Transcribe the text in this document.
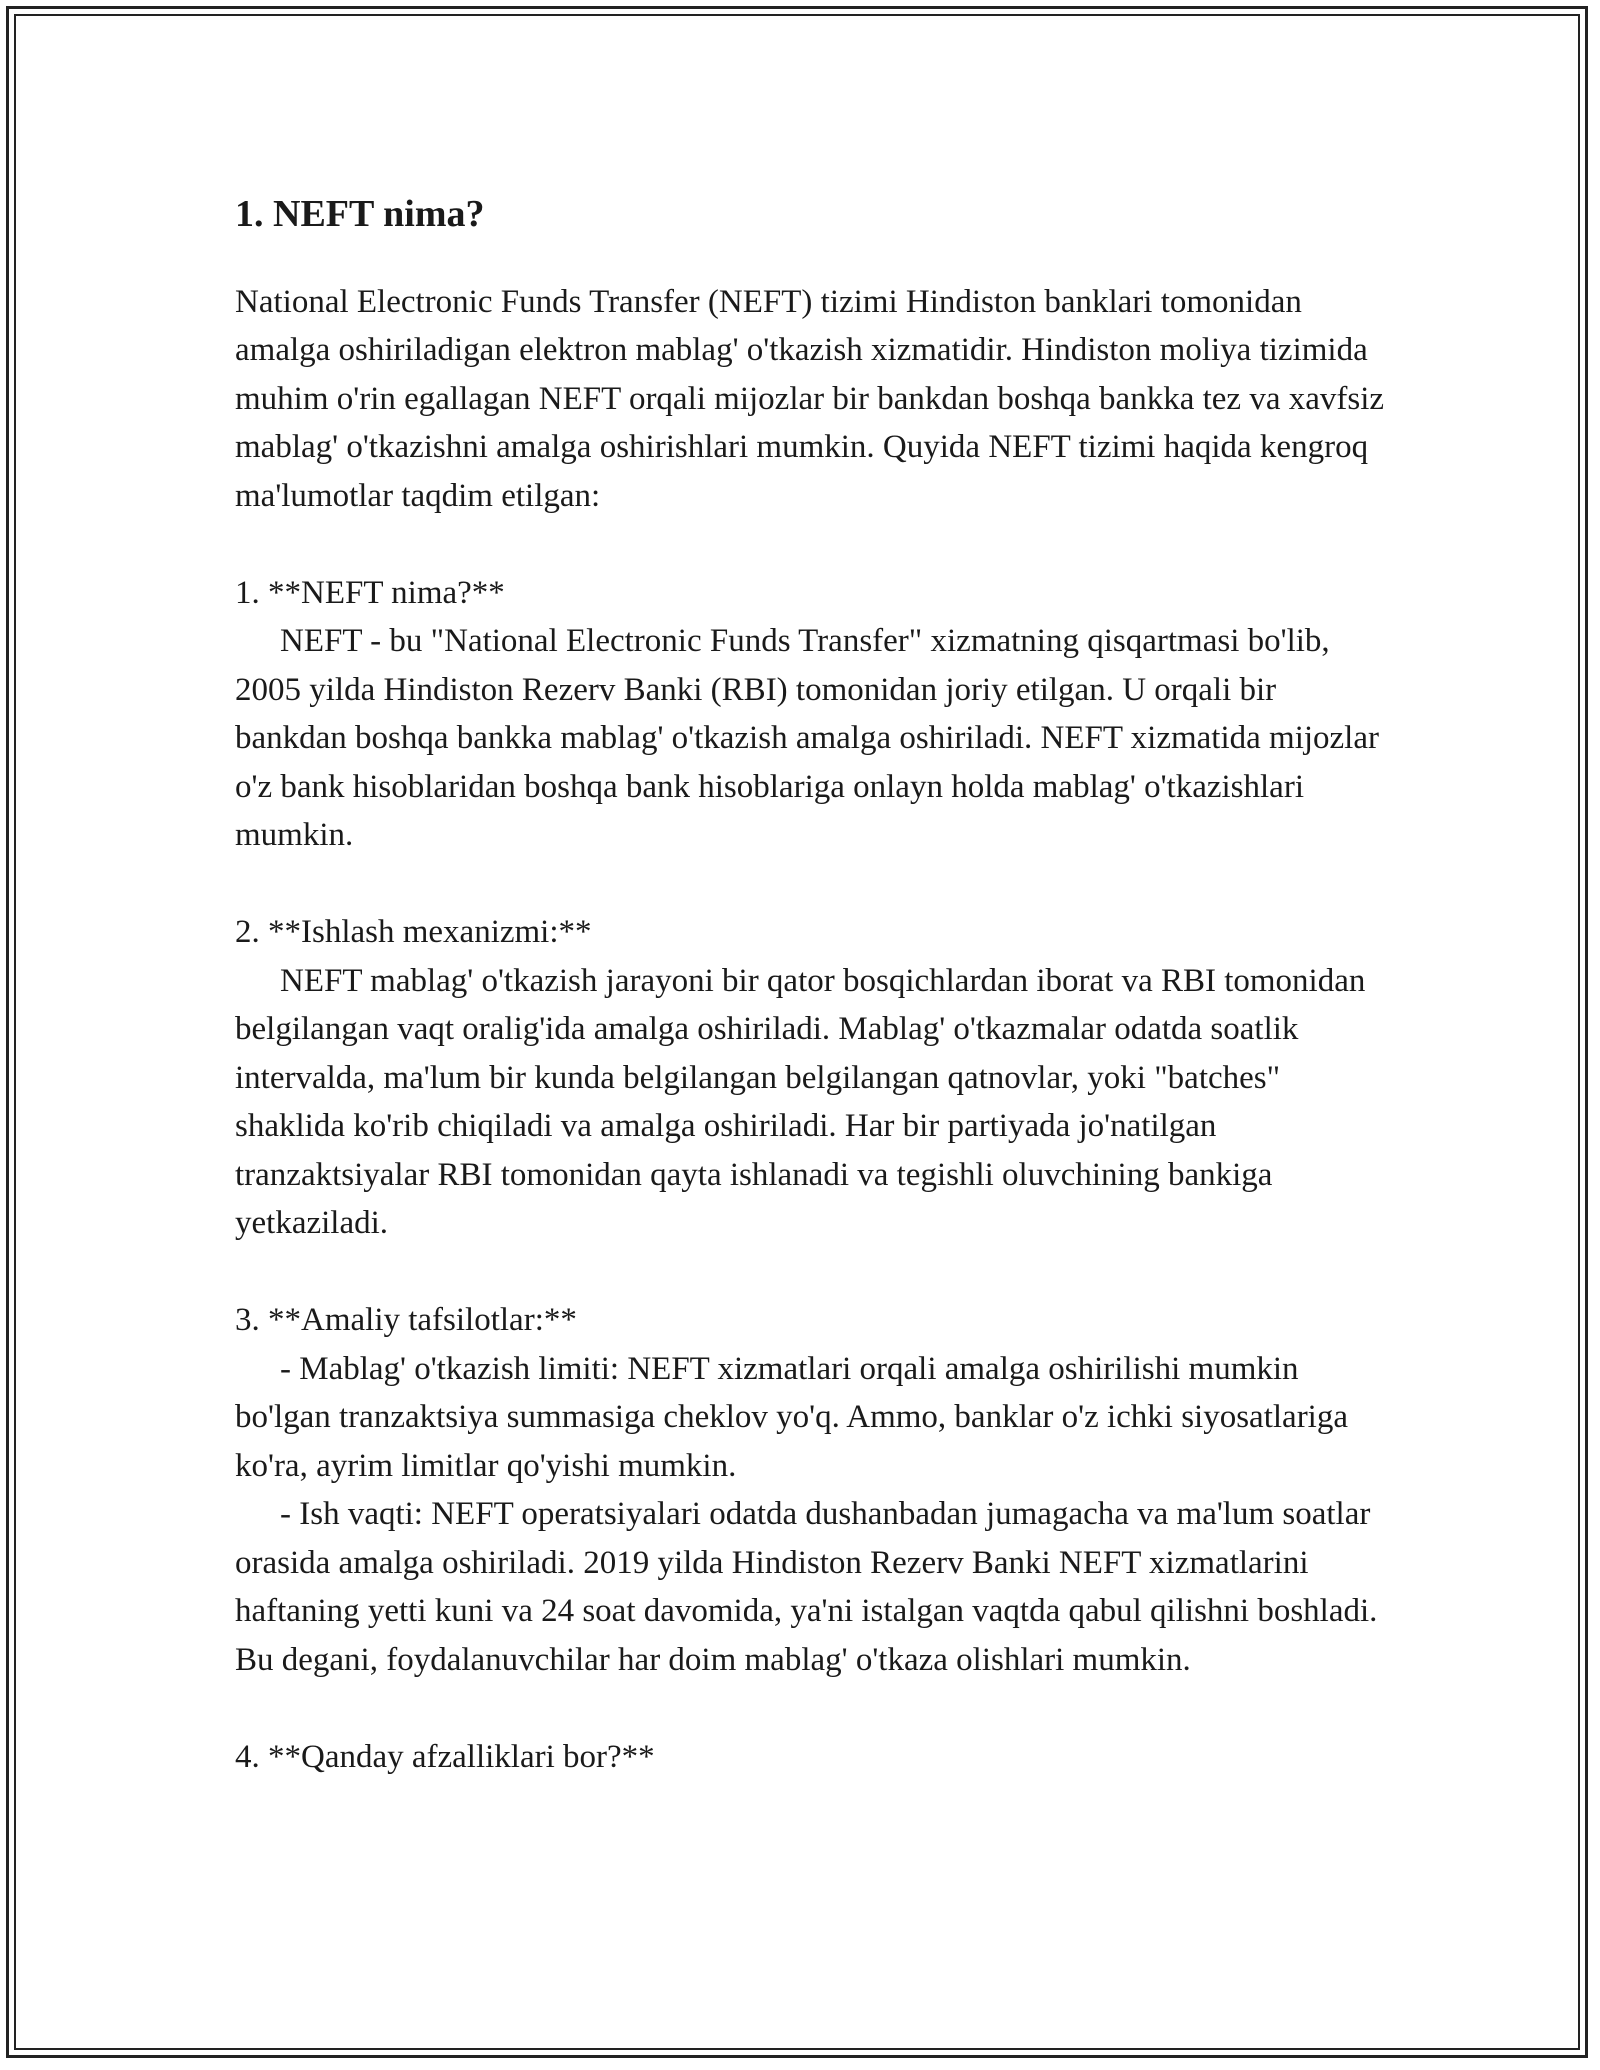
1. NEFT nima?

National Electronic Funds Transfer (NEFT) tizimi Hindiston banklari tomonidan amalga oshiriladigan elektron mablag' o'tkazish xizmatidir. Hindiston moliya tizimida muhim o'rin egallagan NEFT orqali mijozlar bir bankdan boshqa bankka tez va xavfsiz mablag' o'tkazishni amalga oshirishlari mumkin. Quyida NEFT tizimi haqida kengroq ma'lumotlar taqdim etilgan:

1. **NEFT nima?**

NEFT - bu "National Electronic Funds Transfer" xizmatning qisqartmasi bo'lib, 2005 yilda Hindiston Rezerv Banki (RBI) tomonidan joriy etilgan. U orqali bir bankdan boshqa bankka mablag' o'tkazish amalga oshiriladi. NEFT xizmatida mijozlar o'z bank hisoblaridan boshqa bank hisoblariga onlayn holda mablag' o'tkazishlari mumkin.

2. **Ishlash mexanizmi:**

NEFT mablag' o'tkazish jarayoni bir qator bosqichlardan iborat va RBI tomonidan belgilangan vaqt oralig'ida amalga oshiriladi. Mablag' o'tkazmalar odatda soatlik intervalda, ma'lum bir kunda belgilangan belgilangan qatnovlar, yoki "batches" shaklida ko'rib chiqiladi va amalga oshiriladi. Har bir partiyada jo'natilgan tranzaktsiyalar RBI tomonidan qayta ishlanadi va tegishli oluvchining bankiga yetkaziladi.

3. **Amaliy tafsilotlar:**

- Mablag' o'tkazish limiti: NEFT xizmatlari orqali amalga oshirilishi mumkin bo'lgan tranzaktsiya summasiga cheklov yo'q. Ammo, banklar o'z ichki siyosatlariga ko'ra, ayrim limitlar qo'yishi mumkin.

- Ish vaqti: NEFT operatsiyalari odatda dushanbadan jumagacha va ma'lum soatlar orasida amalga oshiriladi. 2019 yilda Hindiston Rezerv Banki NEFT xizmatlarini haftaning yetti kuni va 24 soat davomida, ya'ni istalgan vaqtda qabul qilishni boshladi. Bu degani, foydalanuvchilar har doim mablag' o'tkaza olishlari mumkin.

4. **Qanday afzalliklari bor?**
